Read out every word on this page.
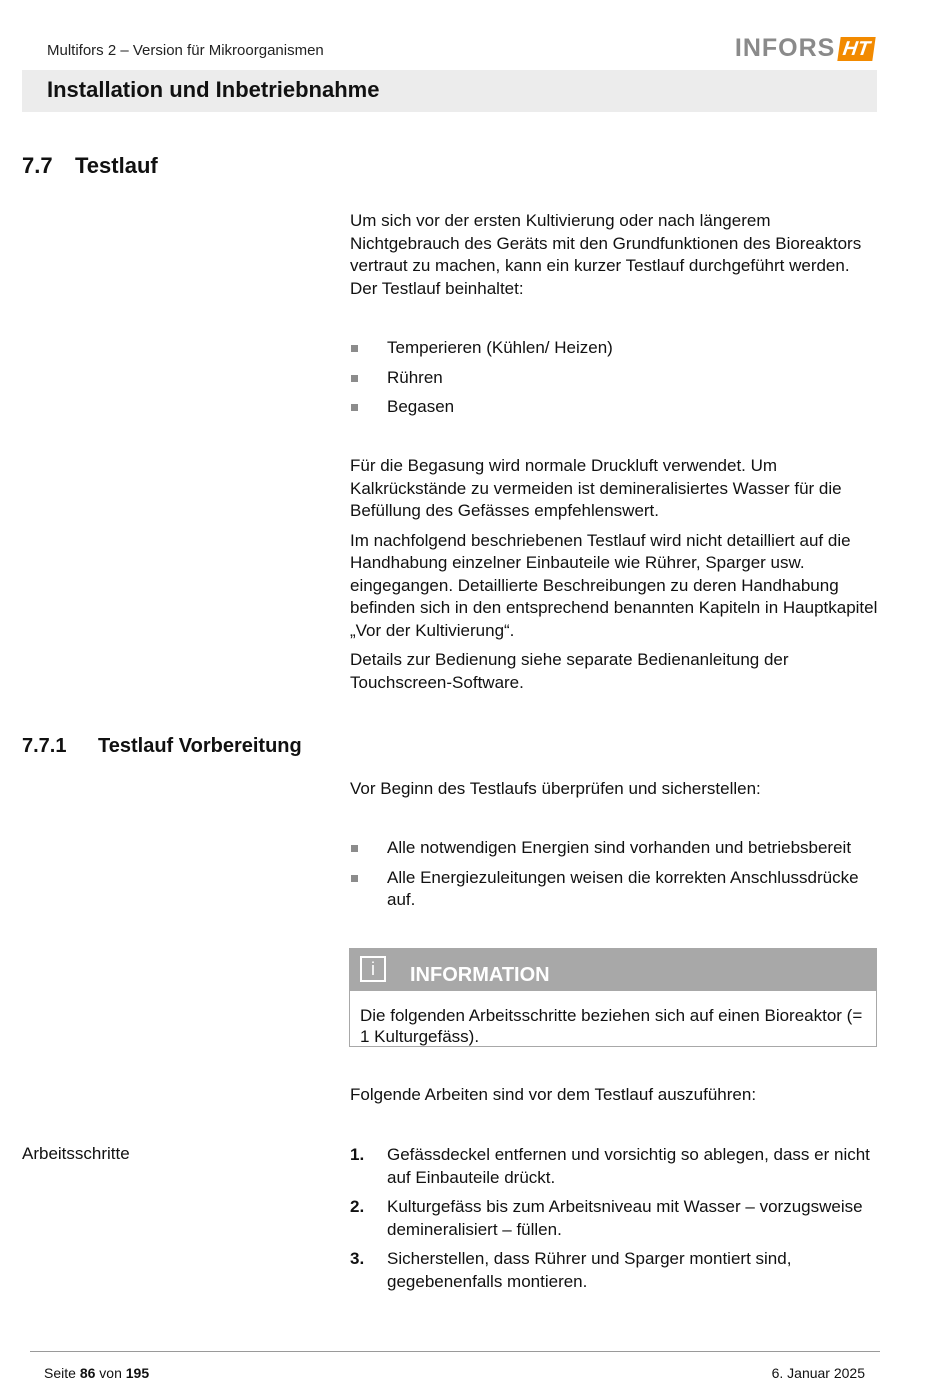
Multifors 2 – Version für Mikroorganismen	INFORS HT
Installation und Inbetriebnahme
7.7 Testlauf

Um sich vor der ersten Kultivierung oder nach längerem Nichtgebrauch des Geräts mit den Grundfunktionen des Bioreaktors vertraut zu machen, kann ein kurzer Testlauf durchgeführt werden. Der Testlauf beinhaltet:

Temperieren (Kühlen/ Heizen)
Rühren
Begasen

Für die Begasung wird normale Druckluft verwendet. Um Kalkrückstände zu vermeiden ist demineralisiertes Wasser für die Befüllung des Gefässes empfehlenswert.

Im nachfolgend beschriebenen Testlauf wird nicht detailliert auf die Handhabung einzelner Einbauteile wie Rührer, Sparger usw. eingegangen. Detaillierte Beschreibungen zu deren Handhabung befinden sich in den entsprechend benannten Kapiteln in Hauptkapitel „Vor der Kultivierung“.

Details zur Bedienung siehe separate Bedienanleitung der Touchscreen-Software.

7.7.1 Testlauf Vorbereitung
Vor Beginn des Testlaufs überprüfen und sicherstellen:
Alle notwendigen Energien sind vorhanden und betriebsbereit
Alle Energiezuleitungen weisen die korrekten Anschlussdrücke auf.
i	INFORMATION
Die folgenden Arbeitsschritte beziehen sich auf einen Bioreaktor (= 1 Kulturgefäss).
Folgende Arbeiten sind vor dem Testlauf auszuführen:
Arbeitsschritte	1. Gefässdeckel entfernen und vorsichtig so ablegen, dass er nicht auf Einbauteile drückt.
2. Kulturgefäss bis zum Arbeitsniveau mit Wasser – vorzugsweise demineralisiert – füllen.
3. Sicherstellen, dass Rührer und Sparger montiert sind, gegebenenfalls montieren.
Seite 86 von 195	6. Januar 2025
